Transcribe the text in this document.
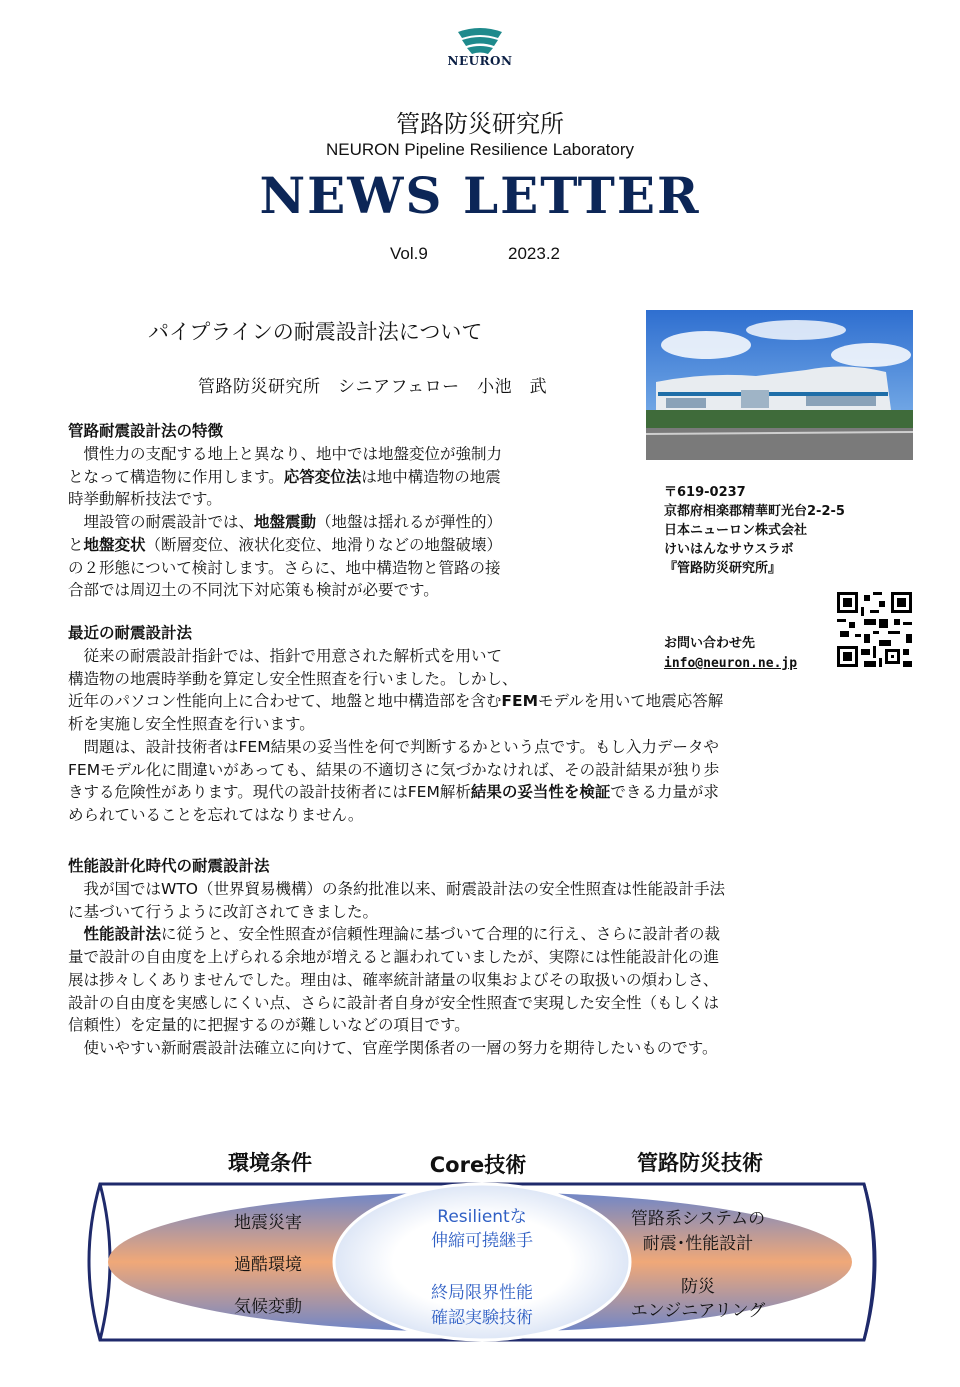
NEURON
管路防災研究所
NEURON Pipeline Resilience Laboratory
NEWS LETTER
Vol.9	2023.2
パイプラインの耐震設計法について
管路防災研究所　シニアフェロー　小池　武
〒619-0237
京都府相楽郡精華町光台2-2-5
日本ニューロン株式会社
けいはんなサウスラボ
『管路防災研究所』
お問い合わせ先
info@neuron.ne.jp
管路耐震設計法の特徴
　慣性力の支配する地上と異なり、地中では地盤変位が強制力
となって構造物に作用します。応答変位法は地中構造物の地震
時挙動解析技法です。
　埋設管の耐震設計では、地盤震動（地盤は揺れるが弾性的）
と地盤変状（断層変位、液状化変位、地滑りなどの地盤破壊）
の２形態について検討します。さらに、地中構造物と管路の接
合部では周辺土の不同沈下対応策も検討が必要です。
最近の耐震設計法
　従来の耐震設計指針では、指針で用意された解析式を用いて
構造物の地震時挙動を算定し安全性照査を行いました。しかし、
近年のパソコン性能向上に合わせて、地盤と地中構造部を含むFEMモデルを用いて地震応答解
析を実施し安全性照査を行います。
　問題は、設計技術者はFEM結果の妥当性を何で判断するかという点です。もし入力データや
FEMモデル化に間違いがあっても、結果の不適切さに気づかなければ、その設計結果が独り歩
きする危険性があります。現代の設計技術者にはFEM解析結果の妥当性を検証できる力量が求
められていることを忘れてはなりません。
性能設計化時代の耐震設計法
　我が国ではWTO（世界貿易機構）の条約批准以来、耐震設計法の安全性照査は性能設計手法
に基づいて行うように改訂されてきました。
　性能設計法に従うと、安全性照査が信頼性理論に基づいて合理的に行え、さらに設計者の裁
量で設計の自由度を上げられる余地が増えると謳われていましたが、実際には性能設計化の進
展は捗々しくありませんでした。理由は、確率統計諸量の収集およびその取扱いの煩わしさ、
設計の自由度を実感しにくい点、さらに設計者自身が安全性照査で実現した安全性（もしくは
信頼性）を定量的に把握するのが難しいなどの項目です。
　使いやすい新耐震設計法確立に向けて、官産学関係者の一層の努力を期待したいものです。
環境条件	Core技術	管路防災技術
地震災害
過酷環境
気候変動
Resilientな
伸縮可撓継手
終局限界性能
確認実験技術
管路系システムの
耐震･性能設計
防災
エンジニアリング
